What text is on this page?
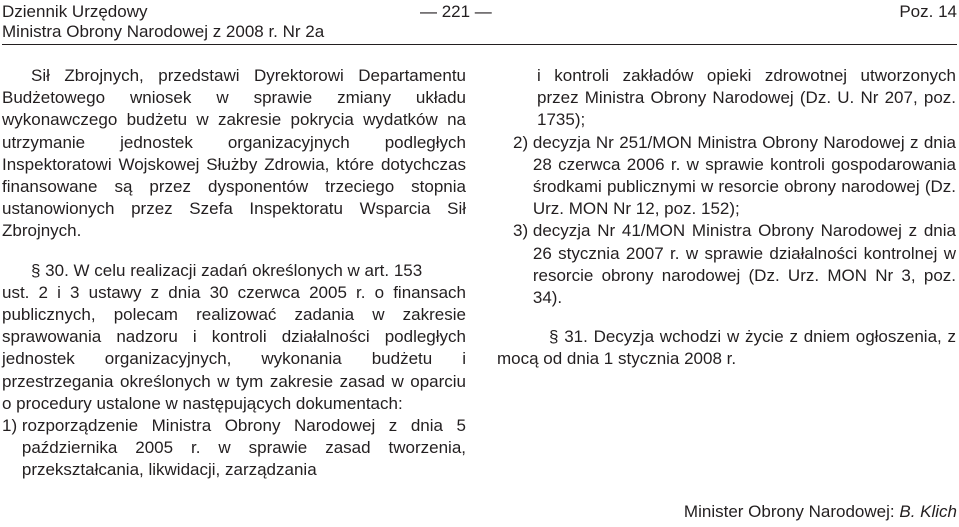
Dziennik Urzędowy
Ministra Obrony Narodowej z 2008 r. Nr 2a
— 221 —	Poz. 14

Sił Zbrojnych, przedstawi Dyrektorowi Departamentu Budżetowego wniosek w sprawie zmiany układu wykonawczego budżetu w zakresie pokrycia wydatków na utrzymanie jednostek organizacyjnych podległych Inspektoratowi Wojskowej Służby Zdrowia, które dotychczas finansowane są przez dysponentów trzeciego stopnia ustanowionych przez Szefa Inspektoratu Wsparcia Sił Zbrojnych.

§ 30. W celu realizacji zadań określonych w art. 153

ust. 2 i 3 ustawy z dnia 30 czerwca 2005 r. o finansach publicznych, polecam realizować zadania w zakresie sprawowania nadzoru i kontroli działalności podległych jednostek organizacyjnych, wykonania budżetu i przestrzegania określonych w tym zakresie zasad w oparciu o procedury ustalone w następujących dokumentach:

1)
rozporządzenie Ministra Obrony Narodowej z dnia 5 października 2005 r. w sprawie zasad tworzenia, przekształcania, likwidacji, zarządzania

i kontroli zakładów opieki zdrowotnej utworzonych przez Ministra Obrony Narodowej (Dz. U. Nr 207, poz. 1735);

2)
decyzja Nr 251/MON Ministra Obrony Narodowej z dnia 28 czerwca 2006 r. w sprawie kontroli gospodarowania środkami publicznymi w resorcie obrony narodowej (Dz. Urz. MON Nr 12, poz. 152);
3)
decyzja Nr 41/MON Ministra Obrony Narodowej z dnia 26 stycznia 2007 r. w sprawie działalności kontrolnej w resorcie obrony narodowej (Dz. Urz. MON Nr 3, poz. 34).

§ 31. Decyzja wchodzi w życie z dniem ogłoszenia, z mocą od dnia 1 stycznia 2008 r.

Minister Obrony Narodowej: B. Klich
